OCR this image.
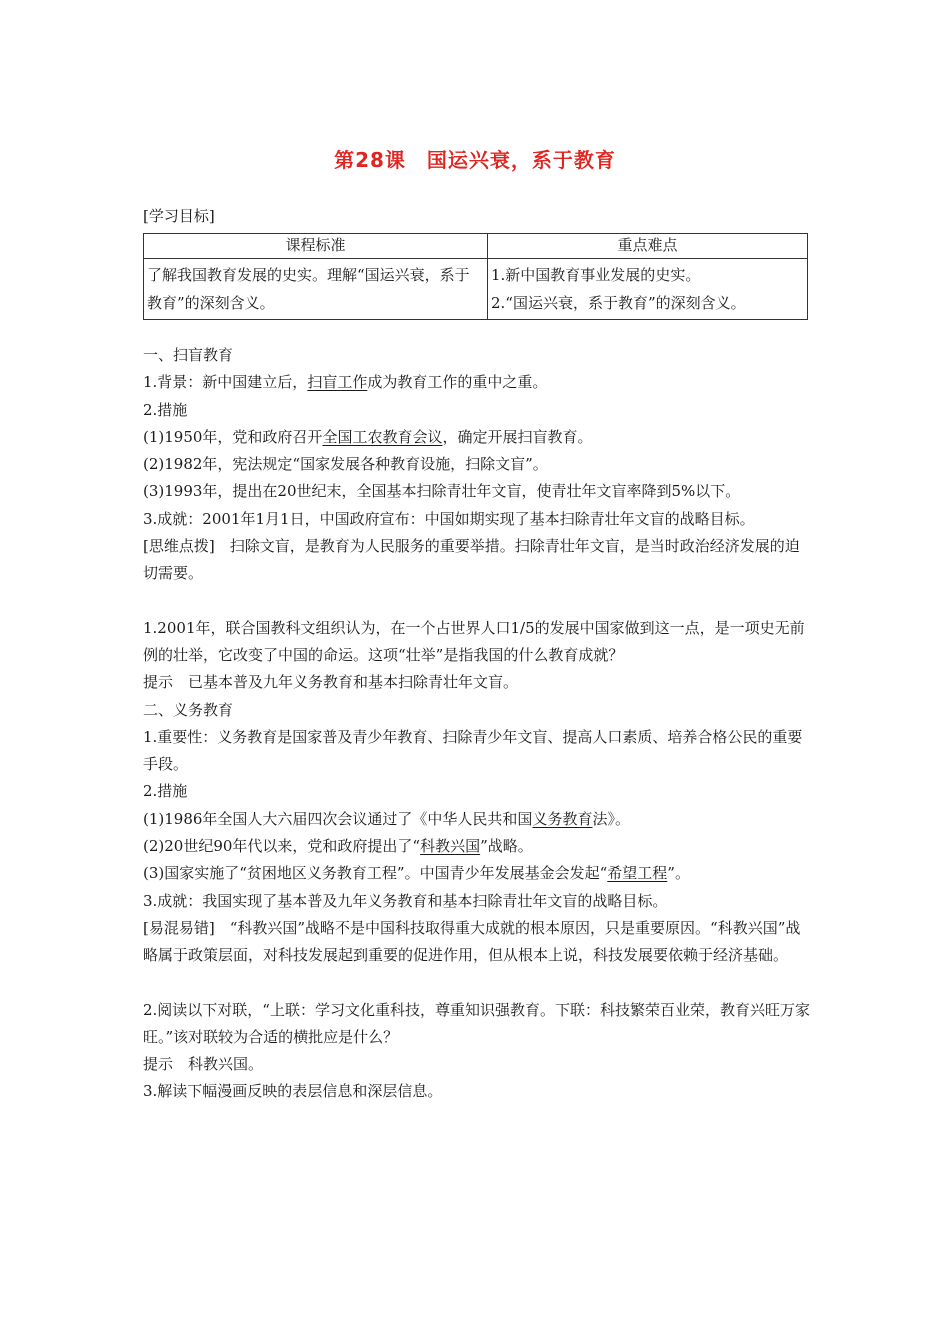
第28课　国运兴衰，系于教育
[学习目标]
课程标准	重点难点
了解我国教育发展的史实。理解“国运兴衰，系于教育”的深刻含义。	1.新中国教育事业发展的史实。
2.“国运兴衰，系于教育”的深刻含义。

一、扫盲教育

1.背景：新中国建立后，扫盲工作成为教育工作的重中之重。

2.措施

(1)1950年，党和政府召开全国工农教育会议，确定开展扫盲教育。

(2)1982年，宪法规定“国家发展各种教育设施，扫除文盲”。

(3)1993年，提出在20世纪末，全国基本扫除青壮年文盲，使青壮年文盲率降到5%以下。

3.成就：2001年1月1日，中国政府宣布：中国如期实现了基本扫除青壮年文盲的战略目标。

[思维点拨]　扫除文盲，是教育为人民服务的重要举措。扫除青壮年文盲，是当时政治经济发展的迫切需要。

1.2001年，联合国教科文组织认为，在一个占世界人口1/5的发展中国家做到这一点，是一项史无前例的壮举，它改变了中国的命运。这项“壮举”是指我国的什么教育成就？

提示　已基本普及九年义务教育和基本扫除青壮年文盲。

二、义务教育

1.重要性：义务教育是国家普及青少年教育、扫除青少年文盲、提高人口素质、培养合格公民的重要手段。

2.措施

(1)1986年全国人大六届四次会议通过了《中华人民共和国义务教育法》。

(2)20世纪90年代以来，党和政府提出了“科教兴国”战略。

(3)国家实施了“贫困地区义务教育工程”。中国青少年发展基金会发起“希望工程”。

3.成就：我国实现了基本普及九年义务教育和基本扫除青壮年文盲的战略目标。

[易混易错]　“科教兴国”战略不是中国科技取得重大成就的根本原因，只是重要原因。“科教兴国”战略属于政策层面，对科技发展起到重要的促进作用，但从根本上说，科技发展要依赖于经济基础。

2.阅读以下对联，“上联：学习文化重科技，尊重知识强教育。下联：科技繁荣百业荣，教育兴旺万家旺。”该对联较为合适的横批应是什么？

提示　科教兴国。

3.解读下幅漫画反映的表层信息和深层信息。
